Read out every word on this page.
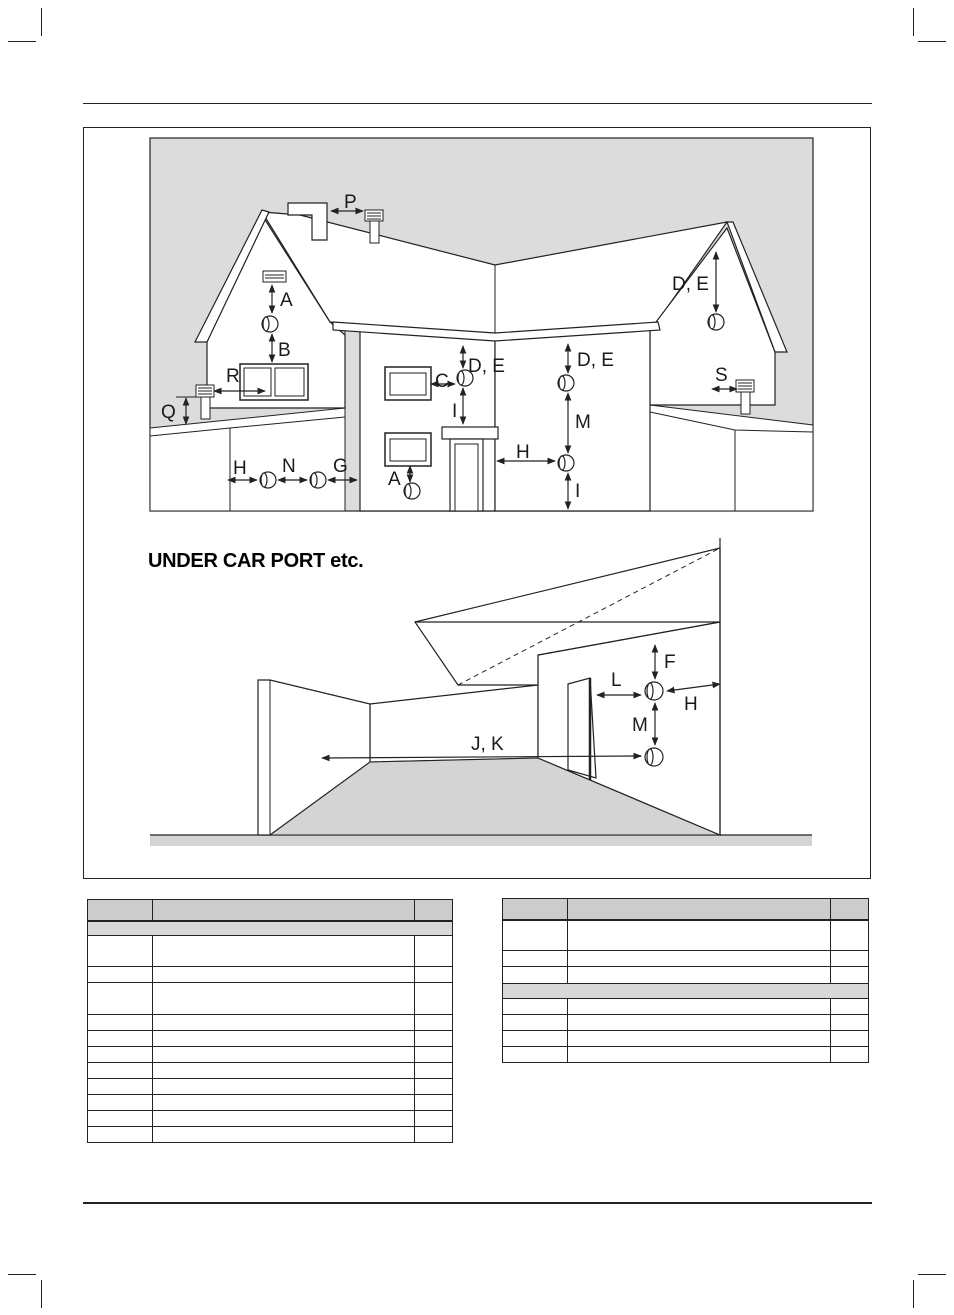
P
A
B
R
Q
H N G
C
D, E
I
A
H
D, E
M
I
D, E
S
UNDER CAR PORT etc.
F
L
H
M
J, K
